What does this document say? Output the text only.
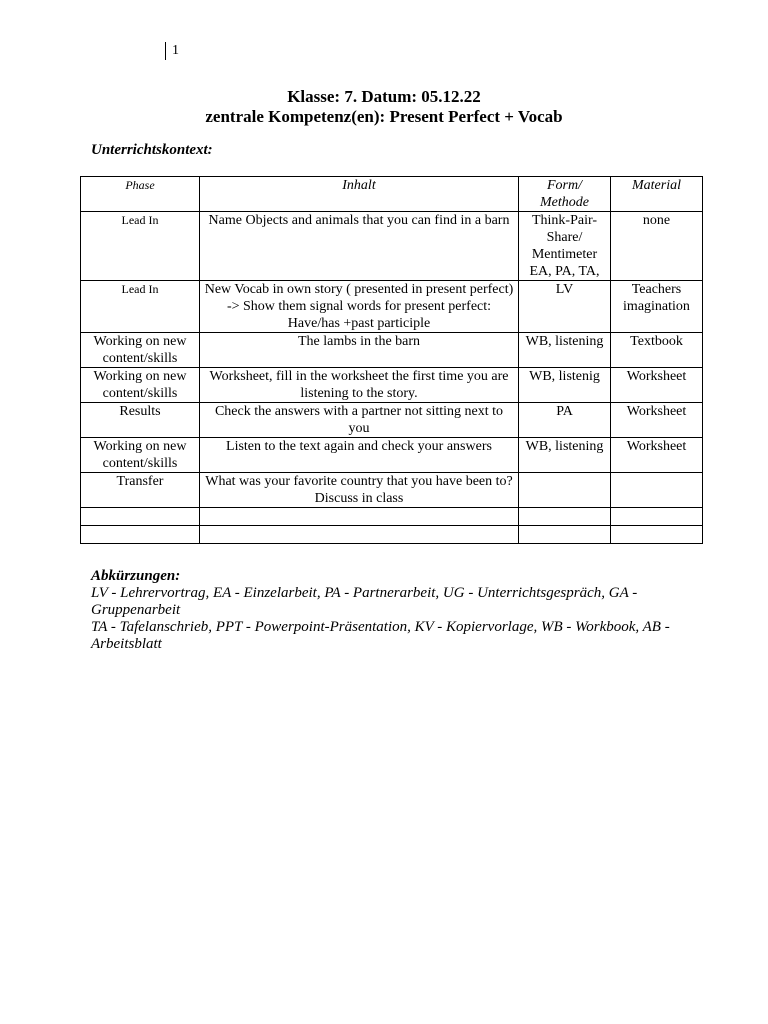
1
Klasse: 7. Datum: 05.12.22
zentrale Kompetenz(en): Present Perfect + Vocab
Unterrichtskontext:
Phase	Inhalt	Form/ Methode	Material
Lead In	Name Objects and animals that you can find in a barn	Think-Pair-Share/ Mentimeter EA, PA, TA,	none
Lead In	New Vocab in own story ( presented in present perfect) -> Show them signal words for present perfect: Have/has +past participle	LV	Teachers imagination
Working on new content/skills	The lambs in the barn	WB, listening	Textbook
Working on new content/skills	Worksheet, fill in the worksheet the first time you are listening to the story.	WB, listenig	Worksheet
Results	Check the answers with a partner not sitting next to you	PA	Worksheet
Working on new content/skills	Listen to the text again and check your answers	WB, listening	Worksheet
Transfer	What was your favorite country that you have been to? Discuss in class		

Abkürzungen:
LV - Lehrervortrag, EA - Einzelarbeit, PA - Partnerarbeit, UG - Unterrichtsgespräch, GA - Gruppenarbeit
TA - Tafelanschrieb, PPT - Powerpoint-Präsentation, KV - Kopiervorlage, WB - Workbook, AB - Arbeitsblatt
